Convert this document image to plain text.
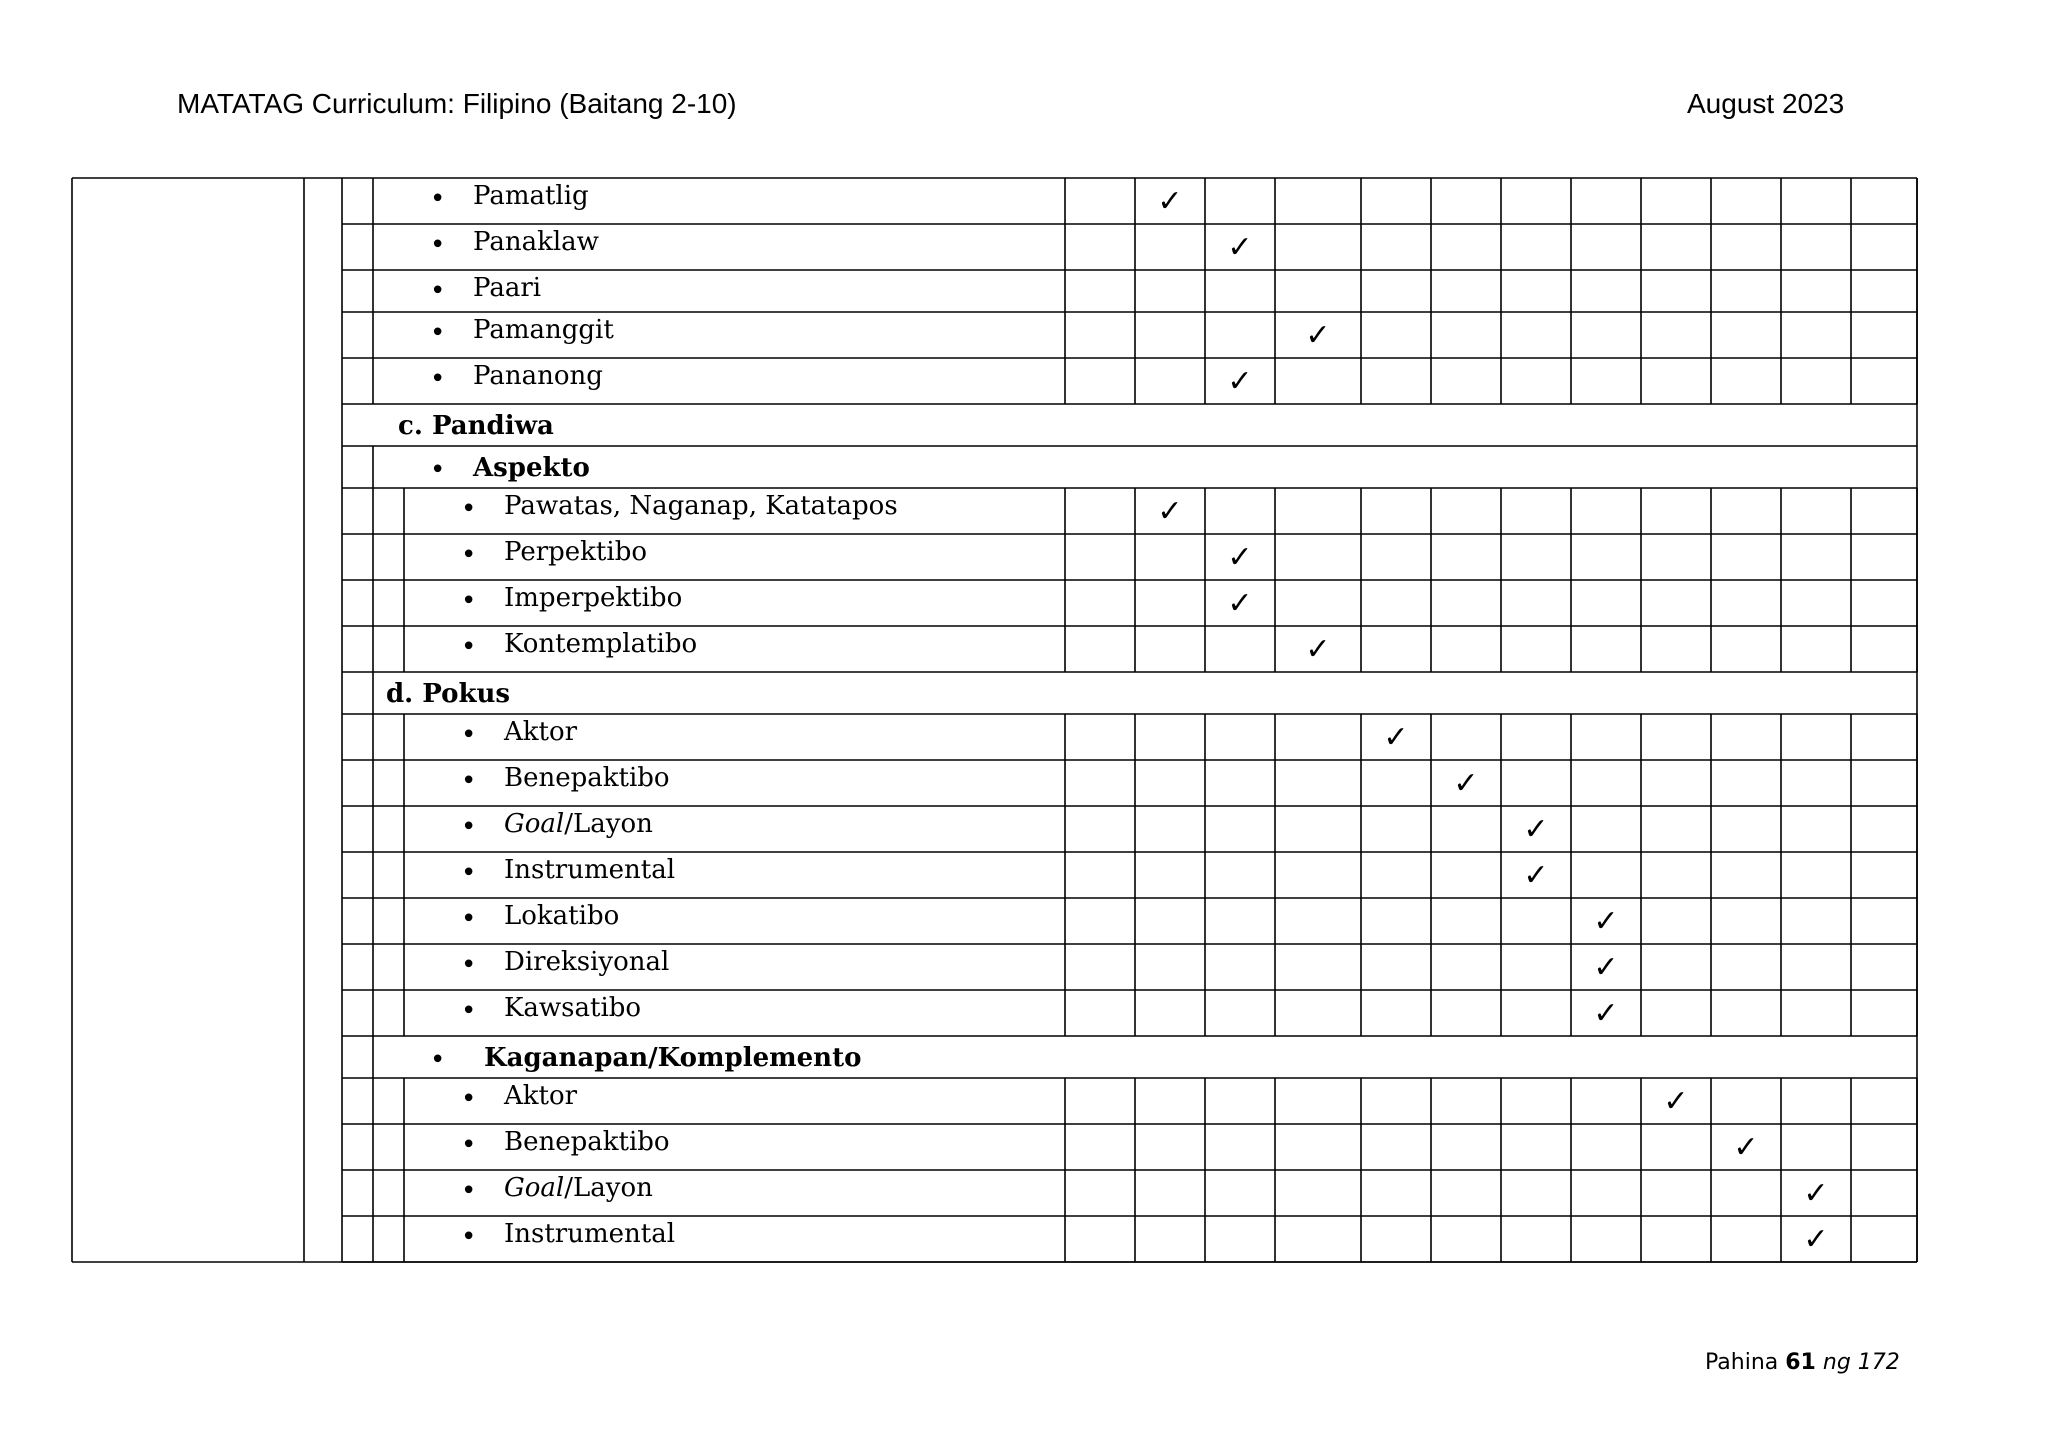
MATATAG Curriculum: Filipino (Baitang 2-10)	August 2023
• Pamatlig	✓
• Panaklaw	✓
• Paari
• Pamanggit	✓
• Pananong	✓
c. Pandiwa
• Aspekto
• Pawatas, Naganap, Katatapos	✓
• Perpektibo	✓
• Imperpektibo	✓
• Kontemplatibo	✓
d. Pokus
• Aktor	✓
• Benepaktibo	✓
• Goal/Layon	✓
• Instrumental	✓
• Lokatibo	✓
• Direksiyonal	✓
• Kawsatibo	✓
• Kaganapan/Komplemento
• Aktor	✓
• Benepaktibo	✓
• Goal/Layon	✓
• Instrumental	✓
Pahina 61 ng 172
